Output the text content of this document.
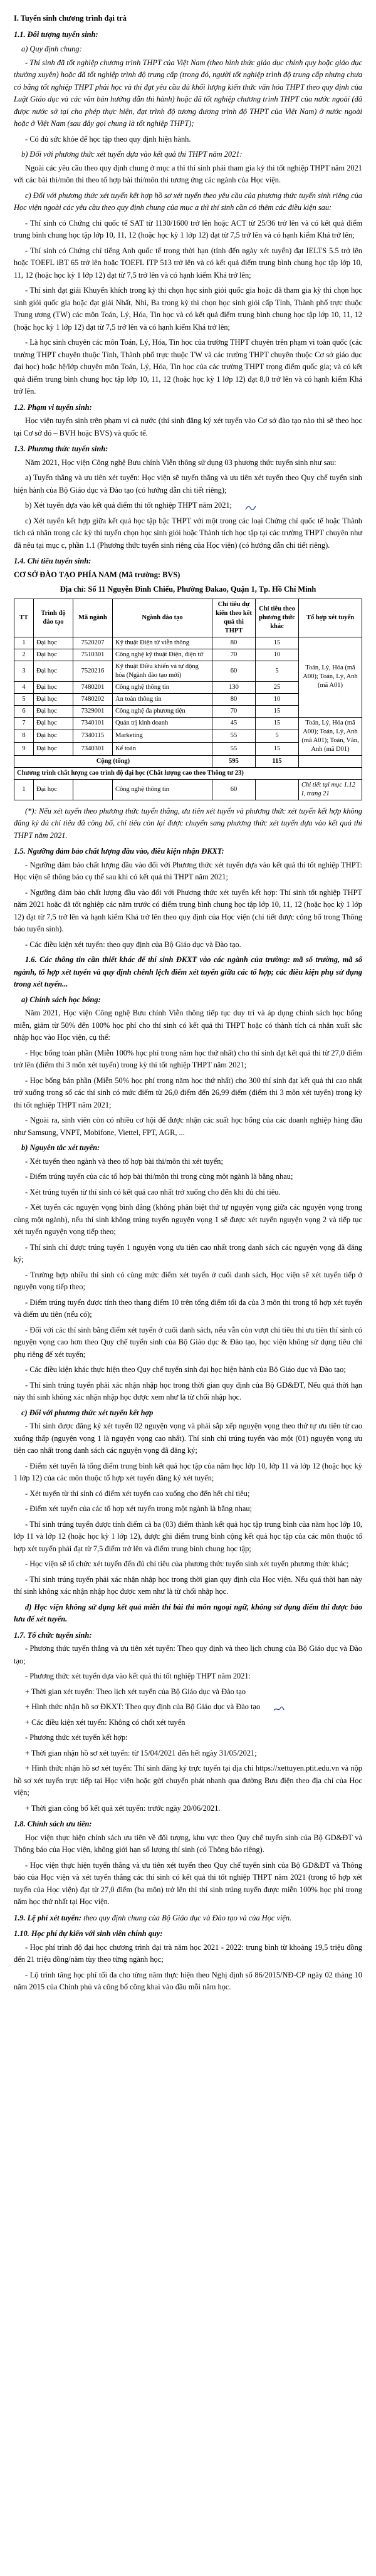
I. Tuyển sinh chương trình đại trà
1.1. Đối tượng tuyển sinh:
a) Quy định chung:
- Thí sinh đã tốt nghiệp chương trình THPT của Việt Nam (theo hình thức giáo dục chính quy hoặc giáo dục thường xuyên) hoặc đã tốt nghiệp trình độ trung cấp (trong đó, người tốt nghiệp trình độ trung cấp nhưng chưa có bằng tốt nghiệp THPT phải học và thi đạt yêu cầu đủ khối lượng kiến thức văn hóa THPT theo quy định của Luật Giáo dục và các văn bản hướng dẫn thi hành) hoặc đã tốt nghiệp chương trình THPT của nước ngoài (đã được nước sở tại cho phép thực hiện, đạt trình độ tương đương trình độ THPT của Việt Nam) ở nước ngoài hoặc ở Việt Nam (sau đây gọi chung là tốt nghiệp THPT);
- Có đủ sức khỏe để học tập theo quy định hiện hành.
b) Đối với phương thức xét tuyển dựa vào kết quả thi THPT năm 2021:
Ngoài các yêu cầu theo quy định chung ở mục a thì thí sinh phải tham gia kỳ thi tốt nghiệp THPT năm 2021 với các bài thi/môn thi theo tổ hợp bài thi/môn thi tương ứng các ngành của Học viện.
c) Đối với phương thức xét tuyển kết hợp hồ sơ xét tuyển theo yêu cầu của phương thức tuyển sinh riêng của Học viện ngoài các yêu cầu theo quy định chung của mục a thì thí sinh cần có thêm các điều kiện sau:
- Thí sinh có Chứng chỉ quốc tế SAT từ 1130/1600 trở lên hoặc ACT từ 25/36 trở lên và có kết quả điểm trung bình chung học tập lớp 10, 11, 12 (hoặc học kỳ 1 lớp 12) đạt từ 7,5 trở lên và có hạnh kiểm Khá trở lên;
- Thí sinh có Chứng chỉ tiếng Anh quốc tế trong thời hạn (tính đến ngày xét tuyển) đạt IELTS 5.5 trở lên hoặc TOEFL iBT 65 trở lên hoặc TOEFL ITP 513 trở lên và có kết quả điểm trung bình chung học tập lớp 10, 11, 12 (hoặc học kỳ 1 lớp 12) đạt từ 7,5 trở lên và có hạnh kiểm Khá trở lên;
- Thí sinh đạt giải Khuyến khích trong kỳ thi chọn học sinh giỏi quốc gia hoặc đã tham gia kỳ thi chọn học sinh giỏi quốc gia hoặc đạt giải Nhất, Nhì, Ba trong kỳ thi chọn học sinh giỏi cấp Tỉnh, Thành phố trực thuộc Trung ương (TW) các môn Toán, Lý, Hóa, Tin học và có kết quả điểm trung bình chung học tập lớp 10, 11, 12 (hoặc học kỳ 1 lớp 12) đạt từ 7,5 trở lên và có hạnh kiểm Khá trở lên;
- Là học sinh chuyên các môn Toán, Lý, Hóa, Tin học của trường THPT chuyên trên phạm vi toàn quốc (các trường THPT chuyên thuộc Tỉnh, Thành phố trực thuộc TW và các trường THPT chuyên thuộc Cơ sở giáo dục đại học) hoặc hệ/lớp chuyên môn Toán, Lý, Hóa, Tin học của các trường THPT trọng điểm quốc gia; và có kết quả điểm trung bình chung học tập lớp 10, 11, 12 (hoặc học kỳ 1 lớp 12) đạt 8,0 trở lên và có hạnh kiểm Khá trở lên.
1.2. Phạm vi tuyển sinh:
Học viện tuyển sinh trên phạm vi cả nước (thí sinh đăng ký xét tuyển vào Cơ sở đào tạo nào thì sẽ theo học tại Cơ sở đó – BVH hoặc BVS) và quốc tế.
1.3. Phương thức tuyển sinh:
Năm 2021, Học viện Công nghệ Bưu chính Viễn thông sử dụng 03 phương thức tuyển sinh như sau:
a) Tuyển thẳng và ưu tiên xét tuyển: Học viện sẽ tuyển thẳng và ưu tiên xét tuyển theo Quy chế tuyển sinh hiện hành của Bộ Giáo dục và Đào tạo (có hướng dẫn chi tiết riêng);
b) Xét tuyển dựa vào kết quả điểm thi tốt nghiệp THPT năm 2021;
c) Xét tuyển kết hợp giữa kết quả học tập bậc THPT với một trong các loại Chứng chỉ quốc tế hoặc Thành tích cá nhân trong các kỳ thi tuyển chọn học sinh giỏi hoặc Thành tích học tập tại các trường THPT chuyên như đã nêu tại mục c, phần 1.1 (Phương thức tuyển sinh riêng của Học viện) (có hướng dẫn chi tiết riêng).
1.4. Chỉ tiêu tuyển sinh:
CƠ SỞ ĐÀO TẠO PHÍA NAM (Mã trường: BVS)
Địa chỉ: Số 11 Nguyễn Đình Chiểu, Phường Đakao, Quận 1, Tp. Hồ Chí Minh
TT	Trình độ đào tạo	Mã ngành	Ngành đào tạo	Chỉ tiêu dự kiến theo kết quả thi THPT	Chỉ tiêu theo phương thức khác	Tổ hợp xét tuyển
1	Đại học	7520207	Kỹ thuật Điện tử viễn thông	80	15	Toán, Lý, Hóa (mã A00); Toán, Lý, Anh (mã A01)
2	Đại học	7510301	Công nghệ kỹ thuật Điện, điện tử	70	10	
3	Đại học	7520216	Kỹ thuật Điều khiển và tự động hóa (Ngành đào tạo mới)	60	5	
4	Đại học	7480201	Công nghệ thông tin	130	25	
5	Đại học	7480202	An toàn thông tin	80	10	
6	Đại học	7329001	Công nghệ đa phương tiện	70	15	
7	Đại học	7340101	Quản trị kinh doanh	45	15	Toán, Lý, Hóa (mã A00); Toán, Lý, Anh (mã A01); Toán, Văn, Anh (mã D01)
8	Đại học	7340115	Marketing	55	5	
9	Đại học	7340301	Kế toán	55	15	
Cộng (tổng)				595	115	
Chương trình chất lượng cao trình độ đại học (Chất lượng cao theo Thông tư 23)						
1	Đại học		Công nghệ thông tin	60		Chi tiết tại mục 1.12 I, trang 21
(*): Nếu xét tuyển theo phương thức tuyển thẳng, ưu tiên xét tuyển và phương thức xét tuyển kết hợp không đăng ký đủ chỉ tiêu đã công bố, chỉ tiêu còn lại được chuyển sang phương thức xét tuyển dựa vào kết quả thi THPT năm 2021.
1.5. Ngưỡng đảm bảo chất lượng đầu vào, điều kiện nhận ĐKXT:
- Ngưỡng đảm bảo chất lượng đầu vào đối với Phương thức xét tuyển dựa vào kết quả thi tốt nghiệp THPT: Học viện sẽ thông báo cụ thể sau khi có kết quả thi THPT năm 2021;
- Ngưỡng đảm bảo chất lượng đầu vào đối với Phương thức xét tuyển kết hợp: Thí sinh tốt nghiệp THPT năm 2021 hoặc đã tốt nghiệp các năm trước có điểm trung bình chung học tập lớp 10, 11, 12 (hoặc học kỳ 1 lớp 12) đạt từ 7,5 trở lên và hạnh kiểm Khá trở lên theo quy định của Học viện (chi tiết được công bố trong Thông báo tuyển sinh).
- Các điều kiện xét tuyển: theo quy định của Bộ Giáo dục và Đào tạo.
1.6. Các thông tin cần thiết khác để thí sinh ĐKXT vào các ngành của trường: mã số trường, mã số ngành, tổ hợp xét tuyển và quy định chênh lệch điểm xét tuyển giữa các tổ hợp; các điều kiện phụ sử dụng trong xét tuyển...
a) Chính sách học bổng:
Năm 2021, Học viện Công nghệ Bưu chính Viễn thông tiếp tục duy trì và áp dụng chính sách học bổng miễn, giảm từ 50% đến 100% học phí cho thí sinh có kết quả thi THPT hoặc có thành tích cá nhân xuất sắc nhập học vào Học viện, cụ thể:
- Học bổng toàn phần (Miễn 100% học phí trong năm học thứ nhất) cho thí sinh đạt kết quả thi từ 27,0 điểm trở lên (điểm thi 3 môn xét tuyển) trong kỳ thi tốt nghiệp THPT năm 2021;
- Học bổng bán phần (Miễn 50% học phí trong năm học thứ nhất) cho 300 thí sinh đạt kết quả thi cao nhất trở xuống trong số các thí sinh có mức điểm từ 26,0 điểm đến 26,99 điểm (điểm thi 3 môn xét tuyển) trong kỳ thi tốt nghiệp THPT năm 2021;
- Ngoài ra, sinh viên còn có nhiều cơ hội để được nhận các suất học bổng của các doanh nghiệp hàng đầu như Samsung, VNPT, Mobifone, Viettel, FPT, AGR, ...
b) Nguyên tắc xét tuyển:
- Xét tuyển theo ngành và theo tổ hợp bài thi/môn thi xét tuyển;
- Điểm trúng tuyển của các tổ hợp bài thi/môn thi trong cùng một ngành là bằng nhau;
- Xét trúng tuyển từ thí sinh có kết quả cao nhất trở xuống cho đến khi đủ chỉ tiêu.
- Xét tuyển các nguyện vọng bình đẳng (không phân biệt thứ tự nguyện vọng giữa các nguyện vọng trong cùng một ngành), nếu thí sinh không trúng tuyển nguyện vọng 1 sẽ được xét tuyển nguyện vọng 2 và tiếp tục xét tuyển nguyện vọng tiếp theo;
- Thí sinh chỉ được trúng tuyển 1 nguyện vọng ưu tiên cao nhất trong danh sách các nguyện vọng đã đăng ký;
- Trường hợp nhiều thí sinh có cùng mức điểm xét tuyển ở cuối danh sách, Học viện sẽ xét tuyển tiếp ở nguyện vọng tiếp theo;
- Điểm trúng tuyển được tính theo thang điểm 10 trên tổng điểm tối đa của 3 môn thi trong tổ hợp xét tuyển và điểm ưu tiên (nếu có);
- Đối với các thí sinh bằng điểm xét tuyển ở cuối danh sách, nếu vẫn còn vượt chỉ tiêu thì ưu tiên thí sinh có nguyện vọng cao hơn theo Quy chế tuyển sinh của Bộ Giáo dục & Đào tạo, học viện không sử dụng tiêu chí phụ riêng để xét tuyển;
- Các điều kiện khác thực hiện theo Quy chế tuyển sinh đại học hiện hành của Bộ Giáo dục và Đào tạo;
- Thí sinh trúng tuyển phải xác nhận nhập học trong thời gian quy định của Bộ GD&ĐT, Nếu quá thời hạn này thí sinh không xác nhận nhập học được xem như là từ chối nhập học.
c) Đối với phương thức xét tuyển kết hợp
- Thí sinh được đăng ký xét tuyển 02 nguyện vọng và phải sắp xếp nguyện vọng theo thứ tự ưu tiên từ cao xuống thấp (nguyện vọng 1 là nguyện vọng cao nhất). Thí sinh chỉ trúng tuyển vào một (01) nguyện vọng ưu tiên cao nhất trong danh sách các nguyện vọng đã đăng ký;
- Điểm xét tuyển là tổng điểm trung bình kết quả học tập của năm học lớp 10, lớp 11 và lớp 12 (hoặc học kỳ 1 lớp 12) của các môn thuộc tổ hợp xét tuyển đăng ký xét tuyển;
- Xét tuyển từ thí sinh có điểm xét tuyển cao xuống cho đến hết chỉ tiêu;
- Điểm xét tuyển của các tổ hợp xét tuyển trong một ngành là bằng nhau;
- Thí sinh trúng tuyển được tính điểm cả ba (03) điểm thành kết quả học tập trung bình của năm học lớp 10, lớp 11 và lớp 12 (hoặc học kỳ 1 lớp 12), được ghi điểm trung bình cộng kết quả học tập của các môn thuộc tổ hợp xét tuyển phải đạt từ 7,5 điểm trở lên và điểm trung bình chung học tập;
- Học viện sẽ tổ chức xét tuyển đến đủ chỉ tiêu của phương thức tuyển sinh xét tuyển phương thức khác;
- Thí sinh trúng tuyển phải xác nhận nhập học trong thời gian quy định của Học viện. Nếu quá thời hạn này thí sinh không xác nhận nhập học được xem như là từ chối nhập học.
d) Học viện không sử dụng kết quả miễn thi bài thi môn ngoại ngữ, không sử dụng điểm thi được bảo lưu để xét tuyển.
1.7. Tổ chức tuyển sinh:
- Phương thức tuyển thẳng và ưu tiên xét tuyển: Theo quy định và theo lịch chung của Bộ Giáo dục và Đào tạo;
- Phương thức xét tuyển dựa vào kết quả thi tốt nghiệp THPT năm 2021:
+ Thời gian xét tuyển: Theo lịch xét tuyển của Bộ Giáo dục và Đào tạo
+ Hình thức nhận hồ sơ ĐKXT: Theo quy định của Bộ Giáo dục và Đào tạo
+ Các điều kiện xét tuyển: Không có chốt xét tuyển
- Phương thức xét tuyển kết hợp:
+ Thời gian nhận hồ sơ xét tuyển: từ 15/04/2021 đến hết ngày 31/05/2021;
+ Hình thức nhận hồ sơ xét tuyển: Thí sinh đăng ký trực tuyến tại địa chỉ https://xettuyen.ptit.edu.vn và nộp hồ sơ xét tuyển trực tiếp tại Học viện hoặc gửi chuyển phát nhanh qua đường Bưu điện theo địa chỉ của Học viện;
+ Thời gian công bố kết quả xét tuyển: trước ngày 20/06/2021.
1.8. Chính sách ưu tiên:
Học viện thực hiện chính sách ưu tiên về đối tượng, khu vực theo Quy chế tuyển sinh của Bộ GD&ĐT và Thông báo của Học viện, không giới hạn số lượng thí sinh (có Thông báo riêng).
- Học viện thực hiện tuyển thẳng và ưu tiên xét tuyển theo Quy chế tuyển sinh của Bộ GD&ĐT và Thông báo của Học viện và xét tuyển thẳng các thí sinh có kết quả thi tốt nghiệp THPT năm 2021 (trong tổ hợp xét tuyển của Học viện) đạt từ 27,0 điểm (ba môn) trở lên thì thí sinh trúng tuyển được miễn 100% học phí trong năm học thứ nhất tại Học viện.
1.9. Lệ phí xét tuyển: theo quy định chung của Bộ Giáo dục và Đào tạo và của Học viện.
1.10. Học phí dự kiến với sinh viên chính quy:
- Học phí trình độ đại học chương trình đại trà năm học 2021 - 2022: trung bình từ khoảng 19,5 triệu đồng đến 21 triệu đồng/năm tùy theo từng ngành học;
- Lộ trình tăng học phí tối đa cho từng năm thực hiện theo Nghị định số 86/2015/NĐ-CP ngày 02 tháng 10 năm 2015 của Chính phủ và công bố công khai vào đầu mỗi năm học.
